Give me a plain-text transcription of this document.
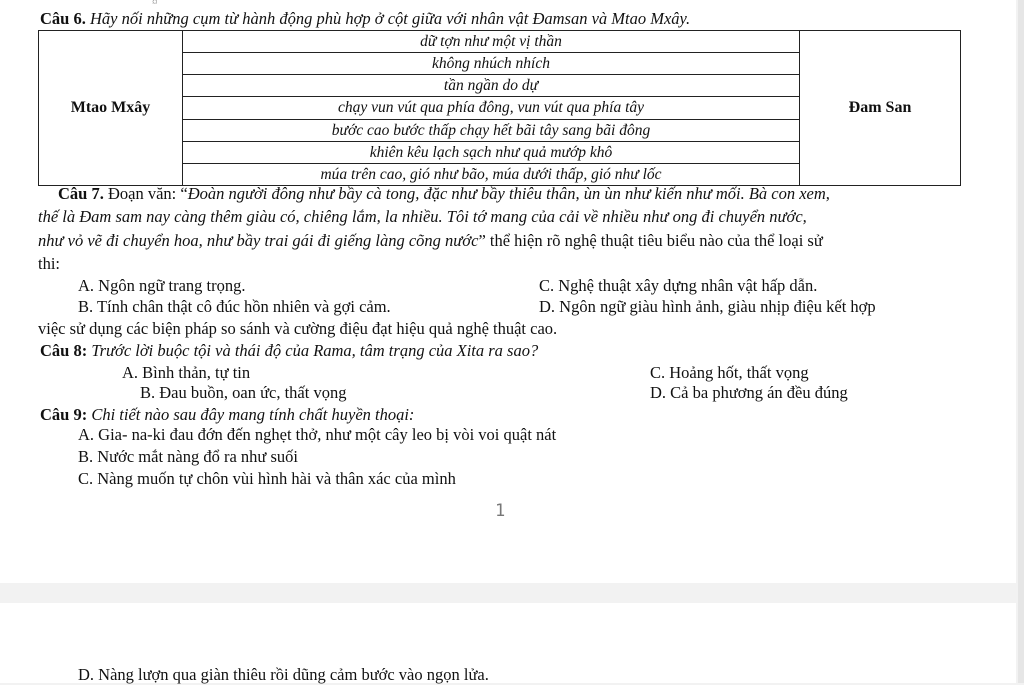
¤
Câu 6. Hãy nối những cụm từ hành động phù hợp ở cột giữa với nhân vật Đamsan và Mtao Mxây.
Mtao Mxây	dữ tợn như một vị thần	Đam San
không nhúch nhích
tần ngần do dự
chạy vun vút qua phía đông, vun vút qua phía tây
bước cao bước thấp chạy hết bãi tây sang bãi đông
khiên kêu lạch sạch như quả mướp khô
múa trên cao, gió như bão, múa dưới thấp, gió như lốc
Câu 7. Đoạn văn: “Đoàn người đông như bầy cà tong, đặc như bầy thiêu thân, ùn ùn như kiến như mối. Bà con xem,
thế là Đam sam nay càng thêm giàu có, chiêng lắm, la nhiều. Tôi tớ mang của cải về nhiều như ong đi chuyển nước,
như vỏ vẽ đi chuyển hoa, như bầy trai gái đi giếng làng cõng nước” thể hiện rõ nghệ thuật tiêu biểu nào của thể loại sử
thi:
A. Ngôn ngữ trang trọng.	C. Nghệ thuật xây dựng nhân vật hấp dẫn.
B. Tính chân thật cô đúc hồn nhiên và gợi cảm.	D. Ngôn ngữ giàu hình ảnh, giàu nhịp điệu kết hợp
việc sử dụng các biện pháp so sánh và cường điệu đạt hiệu quả nghệ thuật cao.
Câu 8: Trước lời buộc tội và thái độ của Rama, tâm trạng của Xita ra sao?
A. Bình thản, tự tin	C. Hoảng hốt, thất vọng
B. Đau buồn, oan ức, thất vọng	D. Cả ba phương án đều đúng
Câu 9: Chi tiết nào sau đây mang tính chất huyền thoại:
A. Gia- na-ki đau đớn đến nghẹt thở, như một cây leo bị vòi voi quật nát
B. Nước mắt nàng đổ ra như suối
C. Nàng muốn tự chôn vùi hình hài và thân xác của mình
1
D. Nàng lượn qua giàn thiêu rồi dũng cảm bước vào ngọn lửa.
